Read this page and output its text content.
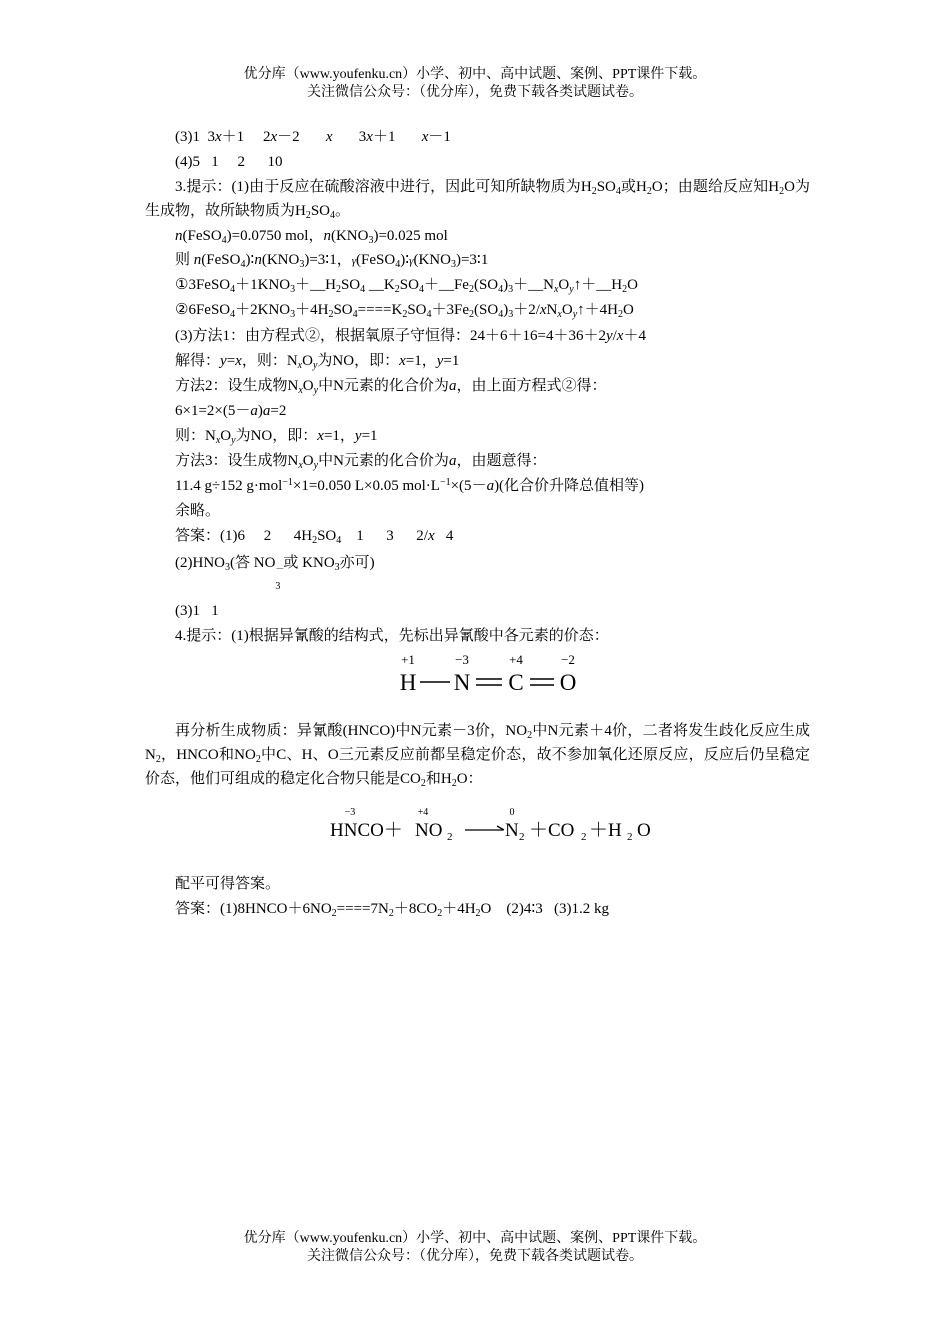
优分库（www.youfenku.cn）小学、初中、高中试题、案例、PPT课件下载。
关注微信公众号：（优分库），免费下载各类试题试卷。
(3)1 3x＋1 2x－2 x 3x＋1 x－1
(4)5   1     2      10
3.提示：(1)由于反应在硫酸溶液中进行，因此可知所缺物质为$H_2SO_4$或$H_2O$；由题给反应知$H_2O$为生成物，故所缺物质为$H_2SO_4$。
n(FeSO$_4$)=0.0750 mol，$n(KNO_3)=0.025$ mol
则 $n(FeSO_4)∶n(KNO_3)=3∶1$，$\gamma(FeSO_4)∶\gamma(KNO_3)=3∶1$
$①3FeSO_4+1KNO_3+\_\_H_2SO_4$ $\_\_K_2SO_4+\_\_Fe_2(SO_4)_3+\_\_N_xO_y↑+\_\_H_2O$
$②6FeSO_4+2KNO_3+4H_2SO_4====K_2SO_4+3Fe_2(SO_4)_3+2/xN_xO_y↑+4H_2O$
(3)方法1：由方程式②，根据氧原子守恒得：24＋6＋16=4＋36＋2y/x＋4
解得：y=x，则：$N_xO_y$为NO，即：x=1，y=1
方法2：设生成物$N_xO_y$中N元素的化合价为a，由上面方程式②得：
6×1=2×(5－a)a=2
则：$N_xO_y$为NO，即：x=1，y=1
方法3：设生成物$N_xO_y$中N元素的化合价为a，由题意得：
11.4 g÷152 g·mol$^{-1}$×1=0.050 L×0.05 $mol\cdot L^{-1}\times(5-a)$(化合价升降总值相等)
余略。
答案：(1)6     2      $4H_2SO_4$    1      3      2/x   4
$(2)HNO_3$(答 NO －
3
或 $KNO_3$亦可)
(3)1   1
4.提示：(1)根据异氰酸的结构式，先标出异氰酸中各元素的价态：
+1	−3	+4	−2
H N C O
再分析生成物质：异氰酸(HNCO)中N元素－3价，$NO_2$中N元素＋4价，二者将发生歧化反应生成$N_2$，HNCO和$NO_2$中C、H、O三元素反应前都呈稳定价态，故不参加氧化还原反应，反应后仍呈稳定价态，他们可组成的稳定化合物只能是$CO_2$和$H_2O$：
−3	+4	0
HNCO＋ NO 2	N 2 ＋CO 2 ＋H 2 O
配平可得答案。
答案：$(1)8HNCO+6NO_2====7N_2+8CO_2+4H_2O$    (2)4∶3   (3)1.2 kg
优分库（www.youfenku.cn）小学、初中、高中试题、案例、PPT课件下载。
关注微信公众号：（优分库），免费下载各类试题试卷。
